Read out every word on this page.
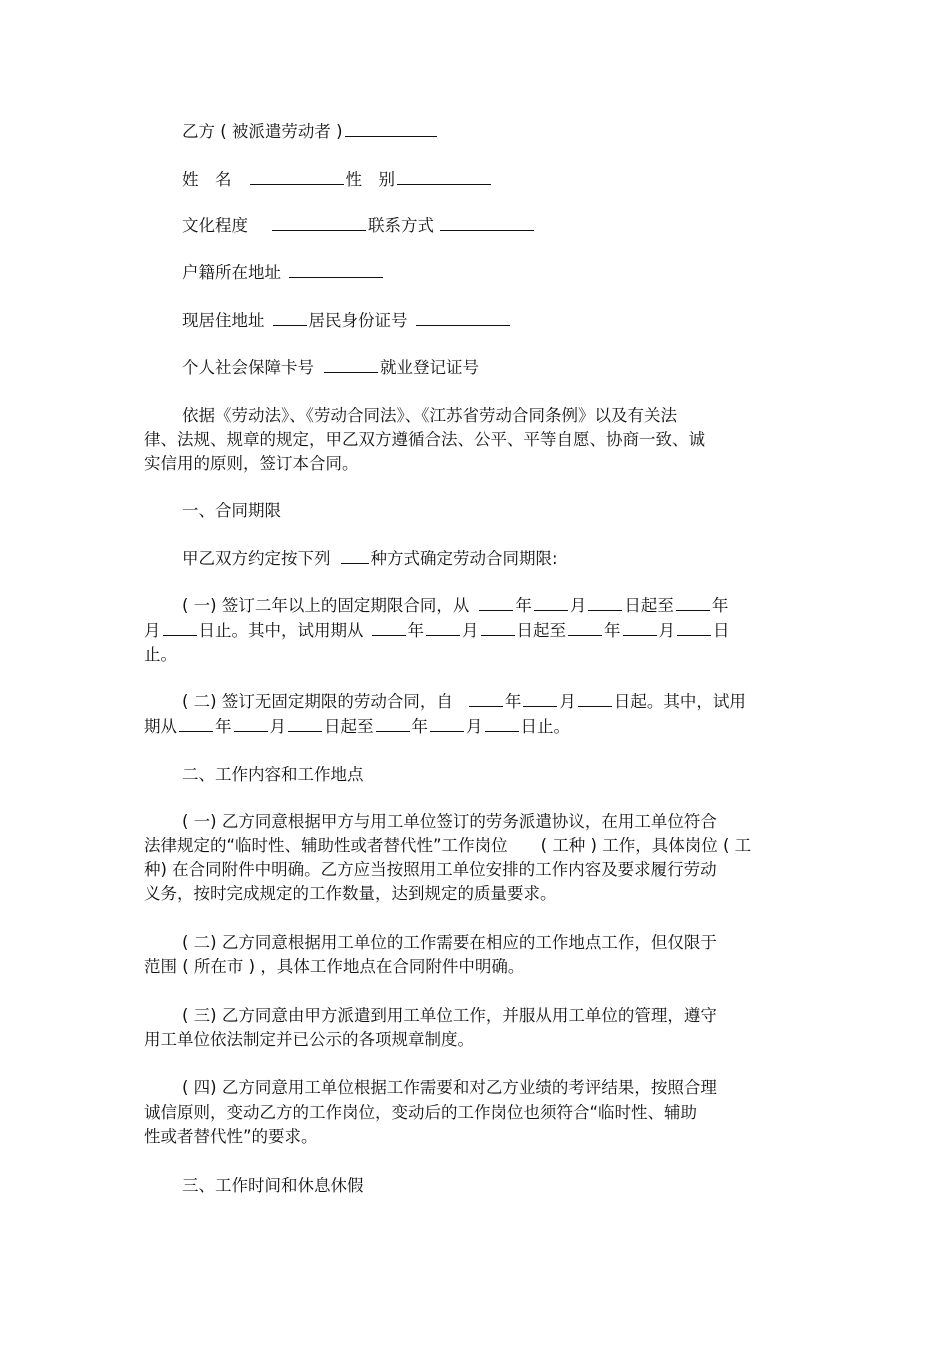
乙方 ( 被派遣劳动者 )

姓　名	性　别

文化程度	联系方式

户籍所在地址

现居住地址	居民身份证号

个人社会保障卡号	就业登记证号

依据《劳动法》、《劳动合同法》、《江苏省劳动合同条例》以及有关法

律、法规、规章的规定，甲乙双方遵循合法、公平、平等自愿、协商一致、诚

实信用的原则，签订本合同。

一、合同期限

甲乙双方约定按下列 种方式确定劳动合同期限:

( 一) 签订二年以上的固定期限合同，从	年 月 日起至 年

月 日止。其中，试用期从	年 月 日起至 年 月 日

止。

( 二) 签订无固定期限的劳动合同，自	年 月 日起。其中，试用

期从 年 月 日起至 年 月 日止。

二、工作内容和工作地点

( 一) 乙方同意根据甲方与用工单位签订的劳务派遣协议，在用工单位符合

法律规定的“临时性、辅助性或者替代性”工作岗位　　( 工种 ) 工作，具体岗位 ( 工

种) 在合同附件中明确。乙方应当按照用工单位安排的工作内容及要求履行劳动

义务，按时完成规定的工作数量，达到规定的质量要求。

( 二) 乙方同意根据用工单位的工作需要在相应的工作地点工作，但仅限于

范围 ( 所在市 ) ，具体工作地点在合同附件中明确。

( 三) 乙方同意由甲方派遣到用工单位工作，并服从用工单位的管理，遵守

用工单位依法制定并已公示的各项规章制度。

( 四) 乙方同意用工单位根据工作需要和对乙方业绩的考评结果，按照合理

诚信原则，变动乙方的工作岗位，变动后的工作岗位也须符合“临时性、辅助

性或者替代性”的要求。

三、工作时间和休息休假
